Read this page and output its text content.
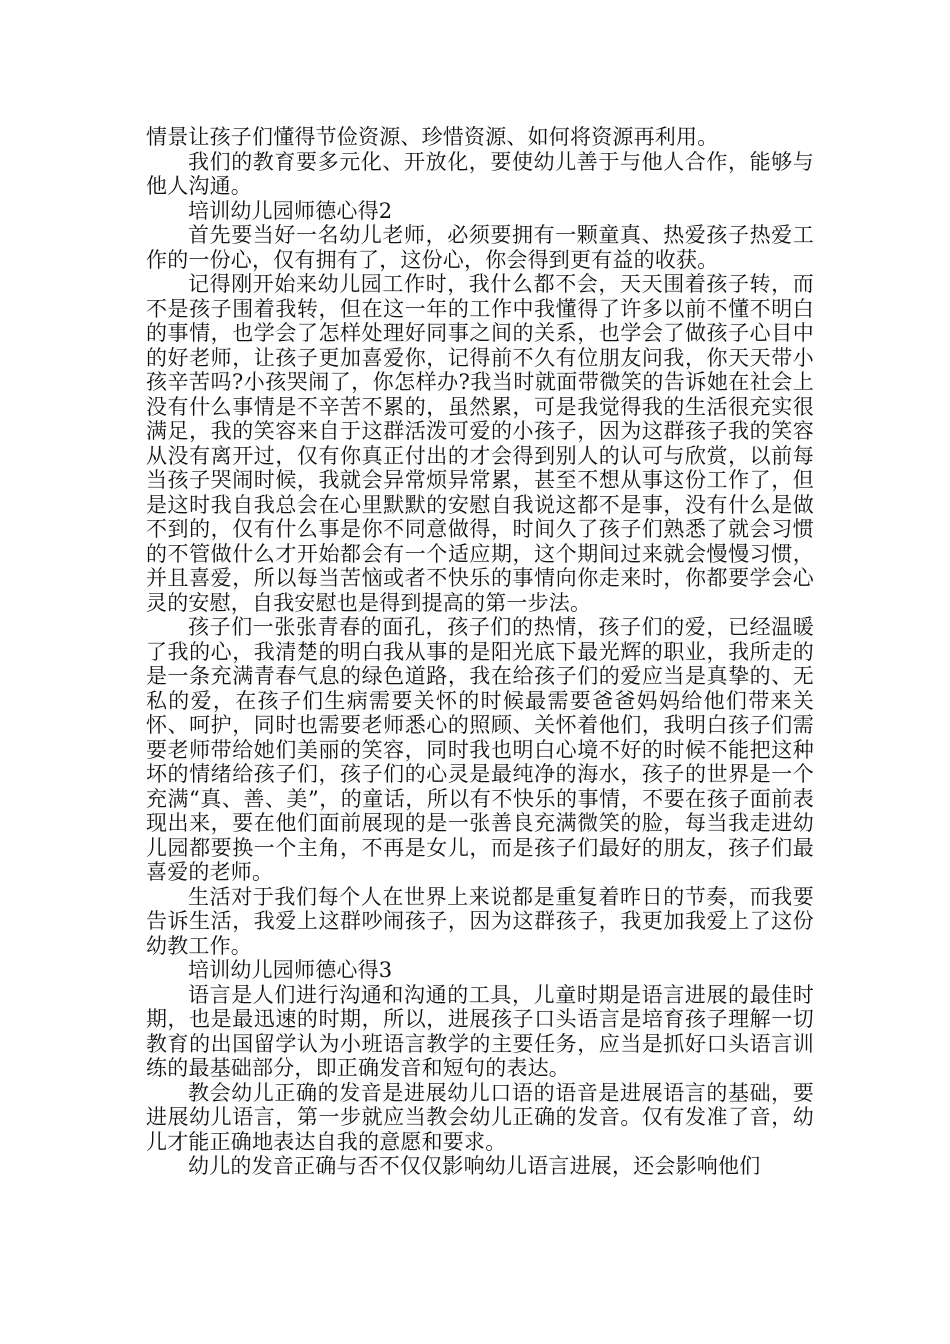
情景让孩子们懂得节俭资源、珍惜资源、如何将资源再利用。

我们的教育要多元化、开放化，要使幼儿善于与他人合作，能够与他人沟通。

培训幼儿园师德心得2

首先要当好一名幼儿老师，必须要拥有一颗童真、热爱孩子热爱工作的一份心，仅有拥有了，这份心，你会得到更有益的收获。

记得刚开始来幼儿园工作时，我什么都不会，天天围着孩子转，而不是孩子围着我转，但在这一年的工作中我懂得了许多以前不懂不明白的事情，也学会了怎样处理好同事之间的关系，也学会了做孩子心目中的好老师，让孩子更加喜爱你，记得前不久有位朋友问我，你天天带小孩辛苦吗?小孩哭闹了，你怎样办?我当时就面带微笑的告诉她在社会上没有什么事情是不辛苦不累的，虽然累，可是我觉得我的生活很充实很满足，我的笑容来自于这群活泼可爱的小孩子，因为这群孩子我的笑容从没有离开过，仅有你真正付出的才会得到别人的认可与欣赏，以前每当孩子哭闹时候，我就会异常烦异常累，甚至不想从事这份工作了，但是这时我自我总会在心里默默的安慰自我说这都不是事，没有什么是做不到的，仅有什么事是你不同意做得，时间久了孩子们熟悉了就会习惯的不管做什么才开始都会有一个适应期，这个期间过来就会慢慢习惯，并且喜爱，所以每当苦恼或者不快乐的事情向你走来时，你都要学会心灵的安慰，自我安慰也是得到提高的第一步法。

孩子们一张张青春的面孔，孩子们的热情，孩子们的爱，已经温暖了我的心，我清楚的明白我从事的是阳光底下最光辉的职业，我所走的是一条充满青春气息的绿色道路，我在给孩子们的爱应当是真挚的、无私的爱，在孩子们生病需要关怀的时候最需要爸爸妈妈给他们带来关怀、呵护，同时也需要老师悉心的照顾、关怀着他们，我明白孩子们需要老师带给她们美丽的笑容，同时我也明白心境不好的时候不能把这种坏的情绪给孩子们，孩子们的心灵是最纯净的海水，孩子的世界是一个充满“真、善、美”，的童话，所以有不快乐的事情，不要在孩子面前表现出来，要在他们面前展现的是一张善良充满微笑的脸，每当我走进幼儿园都要换一个主角，不再是女儿，而是孩子们最好的朋友，孩子们最喜爱的老师。

生活对于我们每个人在世界上来说都是重复着昨日的节奏，而我要告诉生活，我爱上这群吵闹孩子，因为这群孩子，我更加我爱上了这份幼教工作。

培训幼儿园师德心得3

语言是人们进行沟通和沟通的工具，儿童时期是语言进展的最佳时期，也是最迅速的时期，所以，进展孩子口头语言是培育孩子理解一切教育的出国留学认为小班语言教学的主要任务，应当是抓好口头语言训练的最基础部分，即正确发音和短句的表达。

教会幼儿正确的发音是进展幼儿口语的语音是进展语言的基础，要进展幼儿语言，第一步就应当教会幼儿正确的发音。仅有发准了音，幼儿才能正确地表达自我的意愿和要求。

幼儿的发音正确与否不仅仅影响幼儿语言进展，还会影响他们
